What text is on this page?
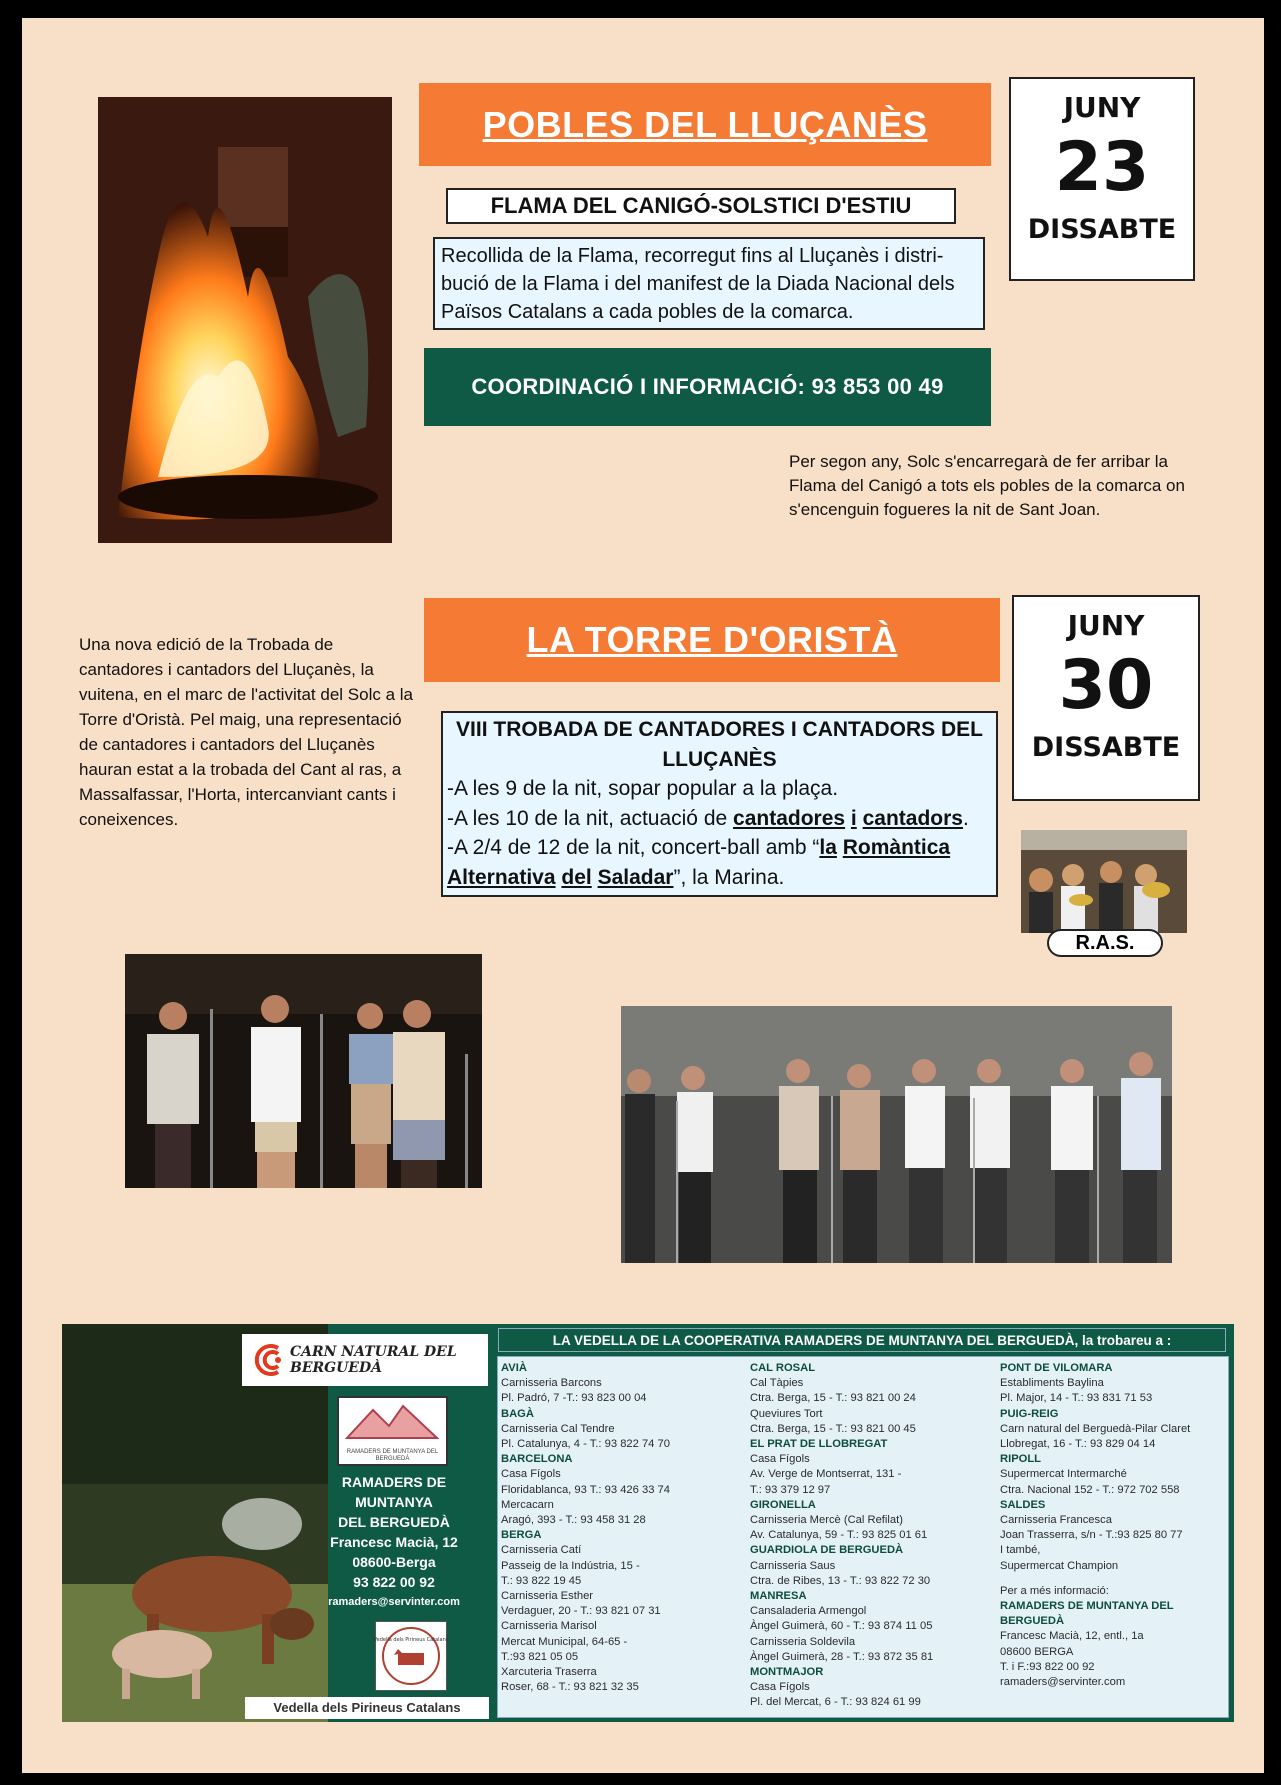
POBLES DEL LLUÇANÈS	JUNY
23
DISSABTE
FLAMA DEL CANIGÓ-SOLSTICI D'ESTIU
Recollida de la Flama, recorregut fins al Lluçanès i distri-bució de la Flama i del manifest de la Diada Nacional dels Països Catalans a cada pobles de la comarca.
COORDINACIÓ I INFORMACIÓ: 93 853 00 49
Per segon any, Solc s'encarregarà de fer arribar la Flama del Canigó a tots els pobles de la comarca on s'encenguin fogueres la nit de Sant Joan.
LA TORRE D'ORISTÀ	JUNY
30
DISSABTE
Una nova edició de la Trobada de cantadores i cantadors del Lluçanès, la vuitena, en el marc de l'activitat del Solc a la Torre d'Oristà. Pel maig, una representació de cantadores i cantadors del Lluçanès hauran estat a la trobada del Cant al ras, a Massalfassar, l'Horta, intercanviant cants i coneixences.
VIII TROBADA DE CANTADORES I CANTADORS DEL LLUÇANÈS
-A les 9 de la nit, sopar popular a la plaça.
-A les 10 de la nit, actuació de cantadores i cantadors.
-A 2/4 de 12 de la nit, concert-ball amb “la Romàntica Alternativa del Saladar”, la Marina.
R.A.S.
CARN NATURAL DEL BERGUEDÀ
RAMADERS DE MUNTANYA DEL BERGUEDÀ
RAMADERS DE
MUNTANYA
DEL BERGUEDÀ
Francesc Macià, 12
08600-Berga
93 822 00 92
ramaders@servinter.com
Vedella dels Pirineus Catalans
Vedella dels Pirineus Catalans
LA VEDELLA DE LA COOPERATIVA RAMADERS DE MUNTANYA DEL BERGUEDÀ, la trobareu a :
AVIÀ
Carnisseria Barcons
Pl. Padró, 7 -T.: 93 823 00 04
BAGÀ
Carnisseria Cal Tendre
Pl. Catalunya, 4 - T.: 93 822 74 70
BARCELONA
Casa Fígols
Floridablanca, 93 T.: 93 426 33 74
Mercacarn
Aragó, 393 - T.: 93 458 31 28
BERGA
Carnisseria Catí
Passeig de la Indústria, 15 -
T.: 93 822 19 45
Carnisseria Esther
Verdaguer, 20 - T.: 93 821 07 31
Carnisseria Marisol
Mercat Municipal, 64-65 -
T.:93 821 05 05
Xarcuteria Traserra
Roser, 68 - T.: 93 821 32 35
CAL ROSAL
Cal Tàpies
Ctra. Berga, 15 - T.: 93 821 00 24
Queviures Tort
Ctra. Berga, 15 - T.: 93 821 00 45
EL PRAT DE LLOBREGAT
Casa Fígols
Av. Verge de Montserrat, 131 -
T.: 93 379 12 97
GIRONELLA
Carnisseria Mercè (Cal Refilat)
Av. Catalunya, 59 - T.: 93 825 01 61
GUARDIOLA DE BERGUEDÀ
Carnisseria Saus
Ctra. de Ribes, 13 - T.: 93 822 72 30
MANRESA
Cansaladeria Armengol
Àngel Guimerà, 60 - T.: 93 874 11 05
Carnisseria Soldevila
Àngel Guimerà, 28 - T.: 93 872 35 81
MONTMAJOR
Casa Fígols
Pl. del Mercat, 6 - T.: 93 824 61 99
PONT DE VILOMARA
Establiments Baylina
Pl. Major, 14 - T.: 93 831 71 53
PUIG-REIG
Carn natural del Berguedà-Pilar Claret
Llobregat, 16 - T.: 93 829 04 14
RIPOLL
Supermercat Intermarché
Ctra. Nacional 152 - T.: 972 702 558
SALDES
Carnisseria Francesca
Joan Trasserra, s/n - T.:93 825 80 77
I també,
Supermercat Champion
Per a més informació:
RAMADERS DE MUNTANYA DEL
BERGUEDÀ
Francesc Macià, 12, entl., 1a
08600 BERGA
T. i F.:93 822 00 92
ramaders@servinter.com
